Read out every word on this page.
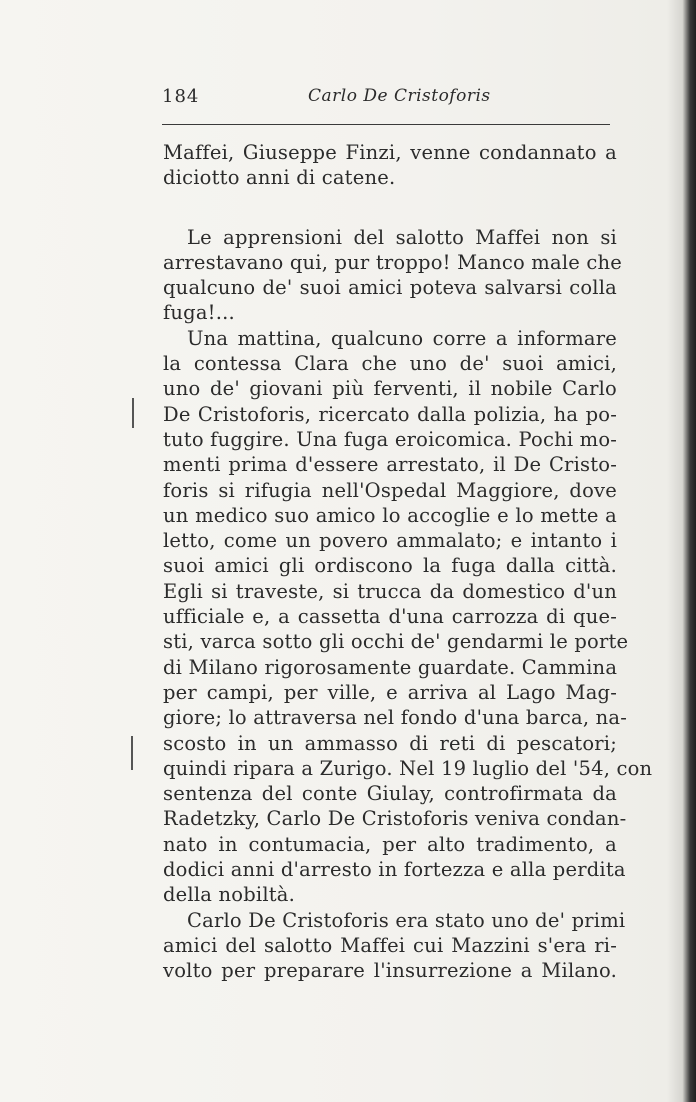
184	Carlo De Cristoforis
Maffei, Giuseppe Finzi, venne condannato a
diciotto anni di catene.
Le apprensioni del salotto Maffei non si
arrestavano qui, pur troppo! Manco male che
qualcuno de' suoi amici poteva salvarsi colla
fuga!...
Una mattina, qualcuno corre a informare
la contessa Clara che uno de' suoi amici,
uno de' giovani più ferventi, il nobile Carlo
De Cristoforis, ricercato dalla polizia, ha po-
tuto fuggire. Una fuga eroicomica. Pochi mo-
menti prima d'essere arrestato, il De Cristo-
foris si rifugia nell'Ospedal Maggiore, dove
un medico suo amico lo accoglie e lo mette a
letto, come un povero ammalato; e intanto i
suoi amici gli ordiscono la fuga dalla città.
Egli si traveste, si trucca da domestico d'un
ufficiale e, a cassetta d'una carrozza di que-
sti, varca sotto gli occhi de' gendarmi le porte
di Milano rigorosamente guardate. Cammina
per campi, per ville, e arriva al Lago Mag-
giore; lo attraversa nel fondo d'una barca, na-
scosto in un ammasso di reti di pescatori;
quindi ripara a Zurigo. Nel 19 luglio del '54, con
sentenza del conte Giulay, controfirmata da
Radetzky, Carlo De Cristoforis veniva condan-
nato in contumacia, per alto tradimento, a
dodici anni d'arresto in fortezza e alla perdita
della nobiltà.
Carlo De Cristoforis era stato uno de' primi
amici del salotto Maffei cui Mazzini s'era ri-
volto per preparare l'insurrezione a Milano.
